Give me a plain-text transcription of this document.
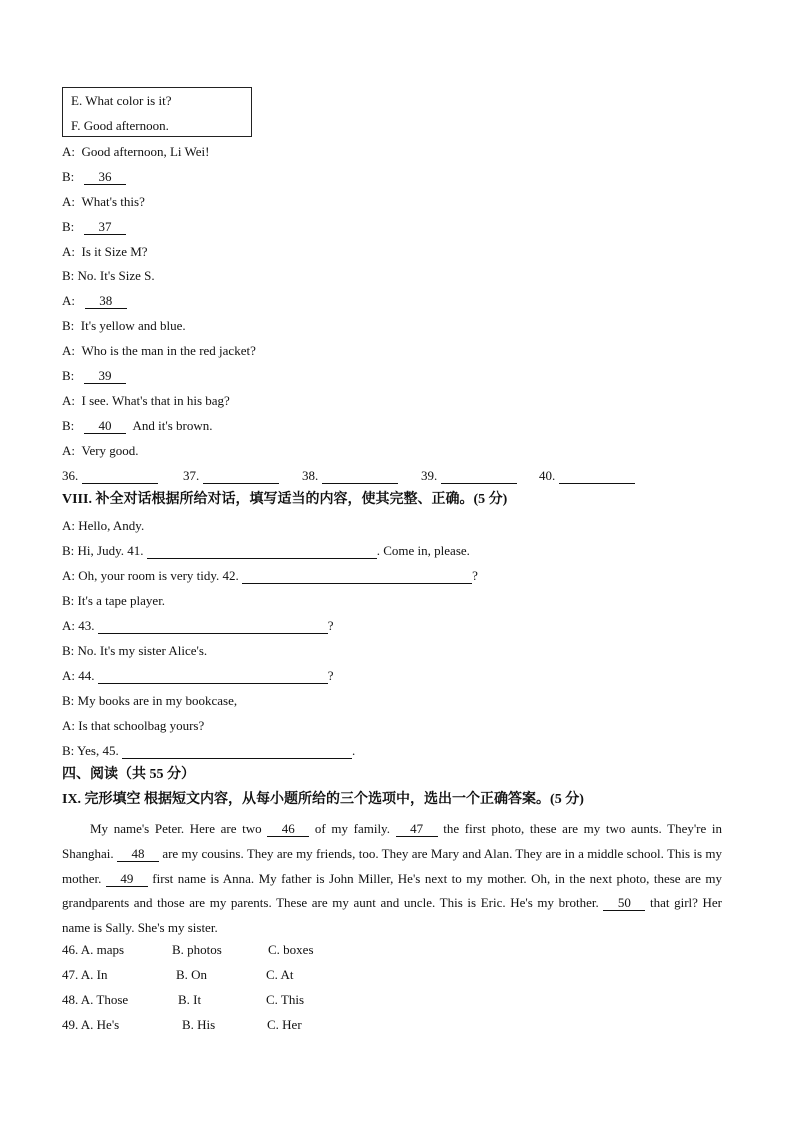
E. What color is it?
F. Good afternoon.
A: Good afternoon, Li Wei!
B: 36
A: What's this?
B: 37
A: Is it Size M?
B: No. It's Size S.
A: 38
B: It's yellow and blue.
A: Who is the man in the red jacket?
B: 39
A: I see. What's that in his bag?
B: 40 And it's brown.
A: Very good.
36.	37.	38.	39.	40.
VIII. 补全对话根据所给对话，填写适当的内容，使其完整、正确。(5 分)
A: Hello, Andy.
B: Hi, Judy. 41.	. Come in, please.
A: Oh, your room is very tidy. 42.	?
B: It's a tape player.
A: 43.	?
B: No. It's my sister Alice's.
A: 44.	?
B: My books are in my bookcase,
A: Is that schoolbag yours?
B: Yes, 45.	.
四、阅读（共 55 分）
IX. 完形填空 根据短文内容，从每小题所给的三个选项中，选出一个正确答案。(5 分)
My name's Peter. Here are two 46 of my family. 47 the first photo, these are my two aunts. They're in Shanghai. 48 are my cousins. They are my friends, too. They are Mary and Alan. They are in a middle school. This is my mother. 49 first name is Anna. My father is John Miller, He's next to my mother. Oh, in the next photo, these are my grandparents and those are my parents. These are my aunt and uncle. This is Eric. He's my brother. 50 that girl? Her name is Sally. She's my sister.
46. A. maps	B. photos	C. boxes
47. A. In	B. On	C. At
48. A. Those	B. It	C. This
49. A. He's	B. His	C. Her
